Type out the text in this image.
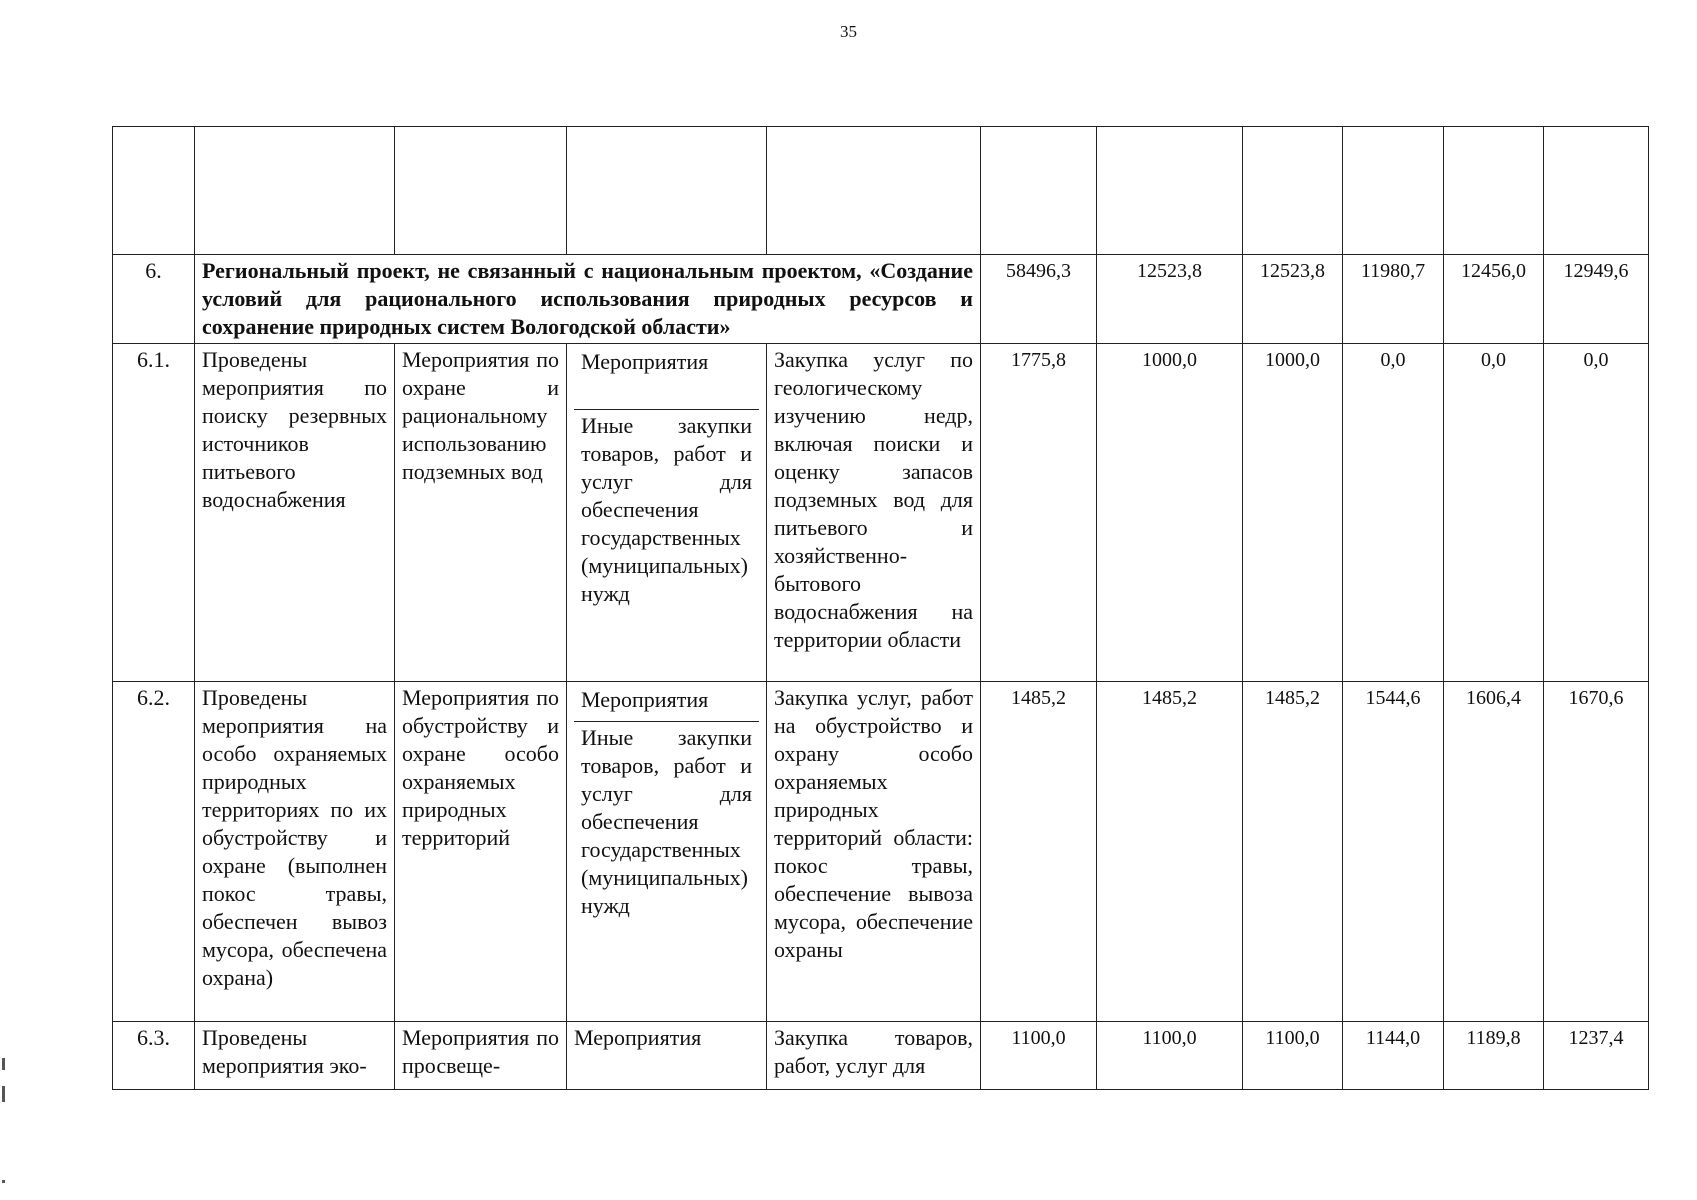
35

6.	Региональный проект, не связанный с национальным проектом, «Создание условий для рационального использования природных ресурсов и сохранение природных систем Вологодской области»				58496,3	12523,8	12523,8	11980,7	12456,0	12949,6
6.1.	Проведены мероприятия по поиску резервных источников питьевого водоснабжения	Мероприятия по охране и рациональному использованию подземных вод	Мероприятия
Иные закупки товаров, работ и услуг для обеспечения государственных (муниципальных) нужд	Закупка услуг по геологическому изучению недр, включая поиски и оценку запасов подземных вод для питьевого и хозяйственно-бытового водоснабжения на территории области	1775,8	1000,0	1000,0	0,0	0,0	0,0
6.2.	Проведены мероприятия на особо охраняемых природных территориях по их обустройству и охране (выполнен покос травы, обеспечен вывоз мусора, обеспечена охрана)	Мероприятия по обустройству и охране особо охраняемых природных территорий	Мероприятия
Иные закупки товаров, работ и услуг для обеспечения государственных (муниципальных) нужд	Закупка услуг, работ на обустройство и охрану особо охраняемых природных территорий области: покос травы, обеспечение вывоза мусора, обеспечение охраны	1485,2	1485,2	1485,2	1544,6	1606,4	1670,6
6.3.	Проведены мероприятия эко-	Мероприятия по просвеще-	Мероприятия	Закупка товаров, работ, услуг для	1100,0	1100,0	1100,0	1144,0	1189,8	1237,4
